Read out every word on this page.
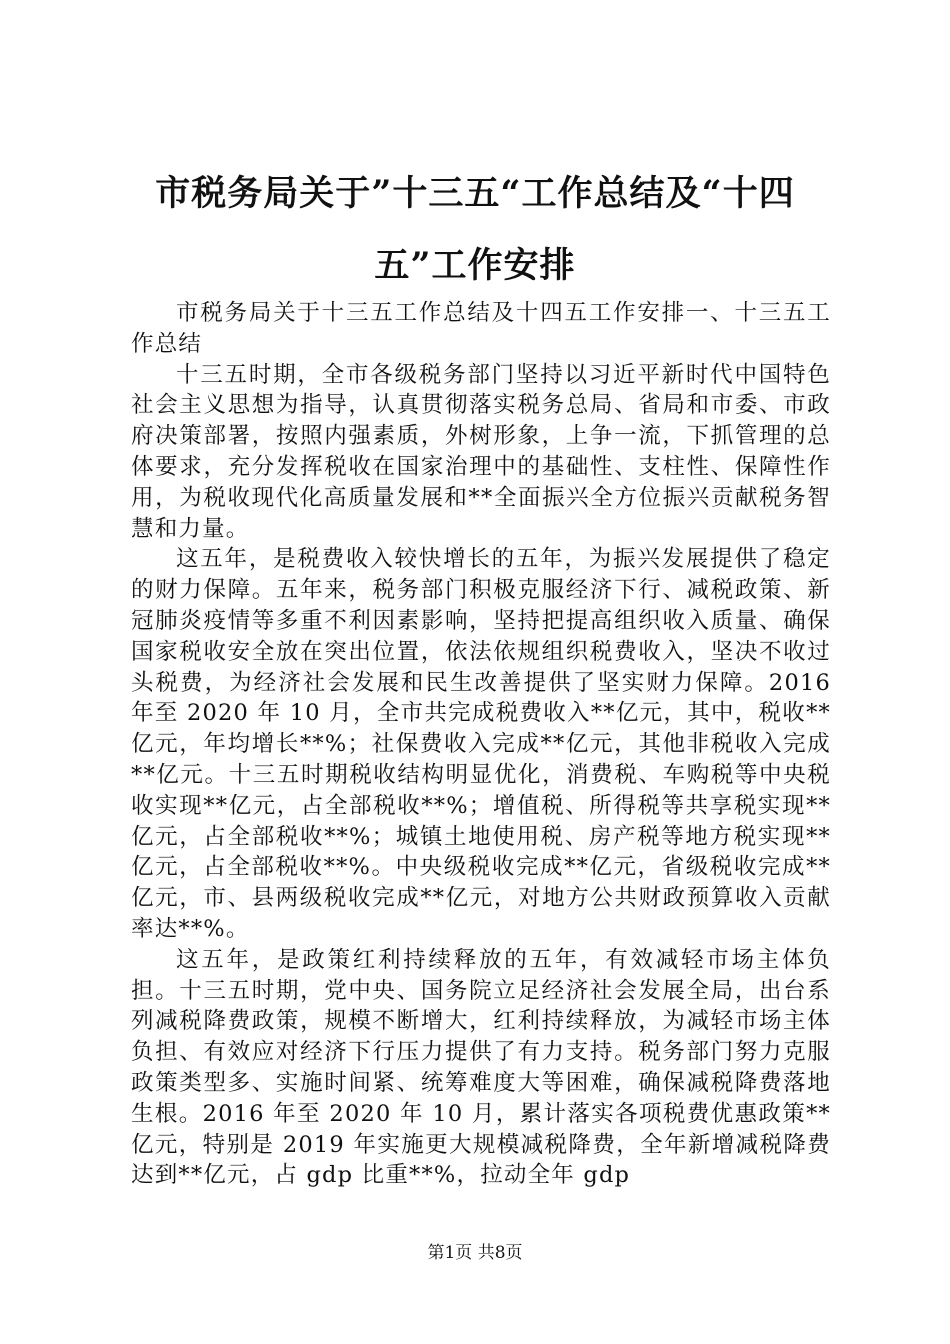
市税务局关于”十三五“工作总结及“十四五”工作安排

市税务局关于十三五工作总结及十四五工作安排一、十三五工作总结

十三五时期，全市各级税务部门坚持以习近平新时代中国特色社会主义思想为指导，认真贯彻落实税务总局、省局和市委、市政府决策部署，按照内强素质，外树形象，上争一流，下抓管理的总体要求，充分发挥税收在国家治理中的基础性、支柱性、保障性作用，为税收现代化高质量发展和**全面振兴全方位振兴贡献税务智慧和力量。

这五年，是税费收入较快增长的五年，为振兴发展提供了稳定的财力保障。五年来，税务部门积极克服经济下行、减税政策、新冠肺炎疫情等多重不利因素影响，坚持把提高组织收入质量、确保国家税收安全放在突出位置，依法依规组织税费收入，坚决不收过头税费，为经济社会发展和民生改善提供了坚实财力保障。2016 年至 2020 年 10 月，全市共完成税费收入**亿元，其中，税收**亿元，年均增长**%；社保费收入完成**亿元，其他非税收入完成**亿元。十三五时期税收结构明显优化，消费税、车购税等中央税收实现**亿元，占全部税收**%；增值税、所得税等共享税实现**亿元，占全部税收**%；城镇土地使用税、房产税等地方税实现**亿元，占全部税收**%。中央级税收完成**亿元，省级税收完成**亿元，市、县两级税收完成**亿元，对地方公共财政预算收入贡献率达**%。

这五年，是政策红利持续释放的五年，有效减轻市场主体负担。十三五时期，党中央、国务院立足经济社会发展全局，出台系列减税降费政策，规模不断增大，红利持续释放，为减轻市场主体负担、有效应对经济下行压力提供了有力支持。税务部门努力克服政策类型多、实施时间紧、统筹难度大等困难，确保减税降费落地生根。2016 年至 2020 年 10 月，累计落实各项税费优惠政策**亿元，特别是 2019 年实施更大规模减税降费，全年新增减税降费达到**亿元，占 gdp 比重**%，拉动全年 gdp

第1页 共8页
